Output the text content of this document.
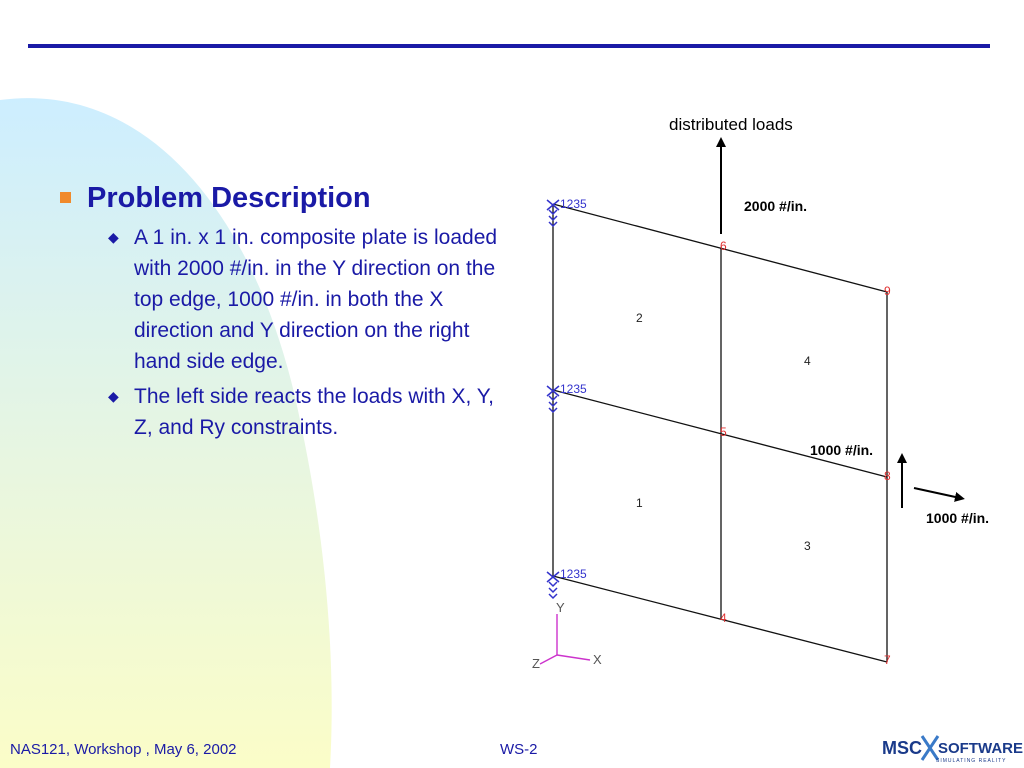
Problem Description
◆ A 1 in. x 1 in. composite plate is loaded with 2000 #/in. in the Y direction on the top edge, 1000 #/in. in both the X direction and Y direction on the right hand side edge.
◆ The left side reacts the loads with X, Y, Z, and Ry constraints.
distributed loads
2000 #/in.
1000 #/in.
1000 #/in.
4
5
6
7
8
9
1
2
3
4
1235
1235
1235
Y
X
Z
NAS121, Workshop , May 6, 2002	WS-2	MSC SOFTWARE
SIMULATING REALITY
